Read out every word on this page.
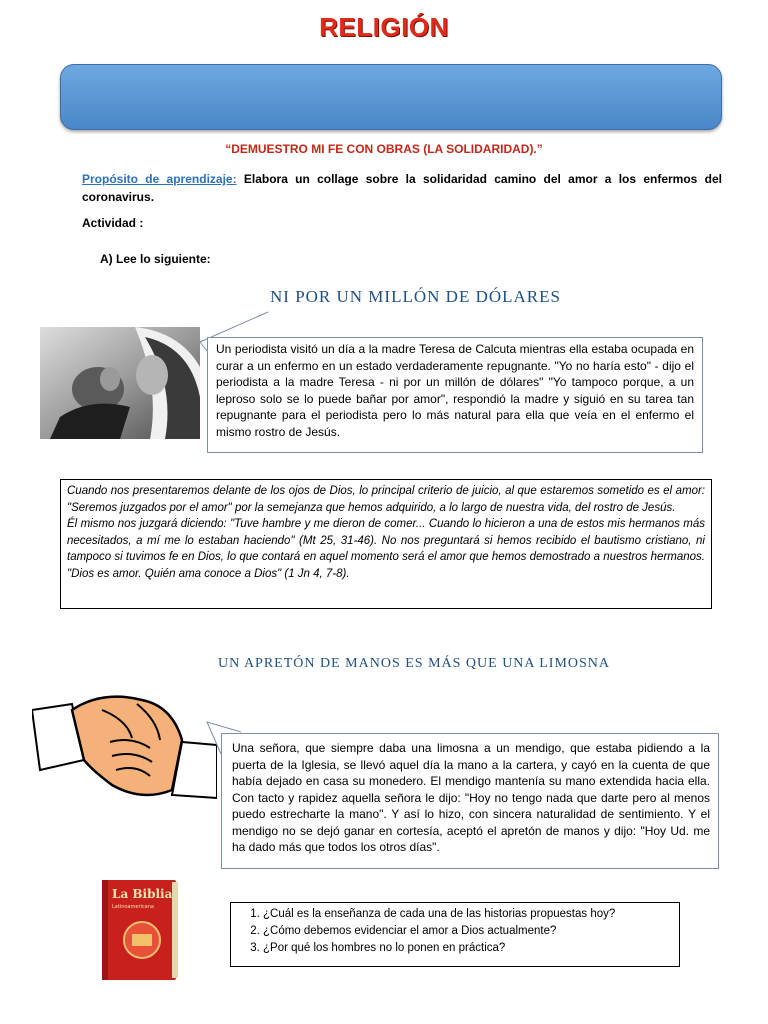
RELIGIÓN
“DEMUESTRO MI FE CON OBRAS (LA SOLIDARIDAD).”
Propósito de aprendizaje: Elabora un collage sobre la solidaridad camino del amor a los enfermos del coronavirus.
Actividad :
A) Lee lo siguiente:
NI POR UN MILLÓN DE DÓLARES
Un periodista visitó un día a la madre Teresa de Calcuta mientras ella estaba ocupada en curar a un enfermo en un estado verdaderamente repugnante. "Yo no haría esto" - dijo el periodista a la madre Teresa - ni por un millón de dólares" "Yo tampoco porque, a un leproso solo se lo puede bañar por amor", respondió la madre y siguió en su tarea tan repugnante para el periodista pero lo más natural para ella que veía en el enfermo el mismo rostro de Jesús.
Cuando nos presentaremos delante de los ojos de Dios, lo principal criterio de juicio, al que estaremos sometido es el amor: "Seremos juzgados por el amor" por la semejanza que hemos adquirido, a lo largo de nuestra vida, del rostro de Jesús.
Él mismo nos juzgará diciendo: "Tuve hambre y me dieron de comer... Cuando lo hicieron a una de estos mis hermanos más necesitados, a mí me lo estaban haciendo" (Mt 25, 31-46). No nos preguntará si hemos recibido el bautismo cristiano, ni tampoco si tuvimos fe en Dios, lo que contará en aquel momento será el amor que hemos demostrado a nuestros hermanos. "Dios es amor. Quién ama conoce a Dios" (1 Jn 4, 7-8).
UN APRETÓN DE MANOS ES MÁS QUE UNA LIMOSNA
Una señora, que siempre daba una limosna a un mendigo, que estaba pidiendo a la puerta de la Iglesia, se llevó aquel día la mano a la cartera, y cayó en la cuenta de que había dejado en casa su monedero. El mendigo mantenía su mano extendida hacia ella. Con tacto y rapidez aquella señora le dijo: "Hoy no tengo nada que darte pero al menos puedo estrecharte la mano". Y así lo hizo, con sincera naturalidad de sentimiento. Y el mendigo no se dejó ganar en cortesía, aceptó el apretón de manos y dijo: "Hoy Ud. me ha dado más que todos los otros días".
La Biblia
Latinoamericana
1. ¿Cuál es la enseñanza de cada una de las historias propuestas hoy?
2. ¿Cómo debemos evidenciar el amor a Dios actualmente?
3. ¿Por qué los hombres no lo ponen en práctica?
